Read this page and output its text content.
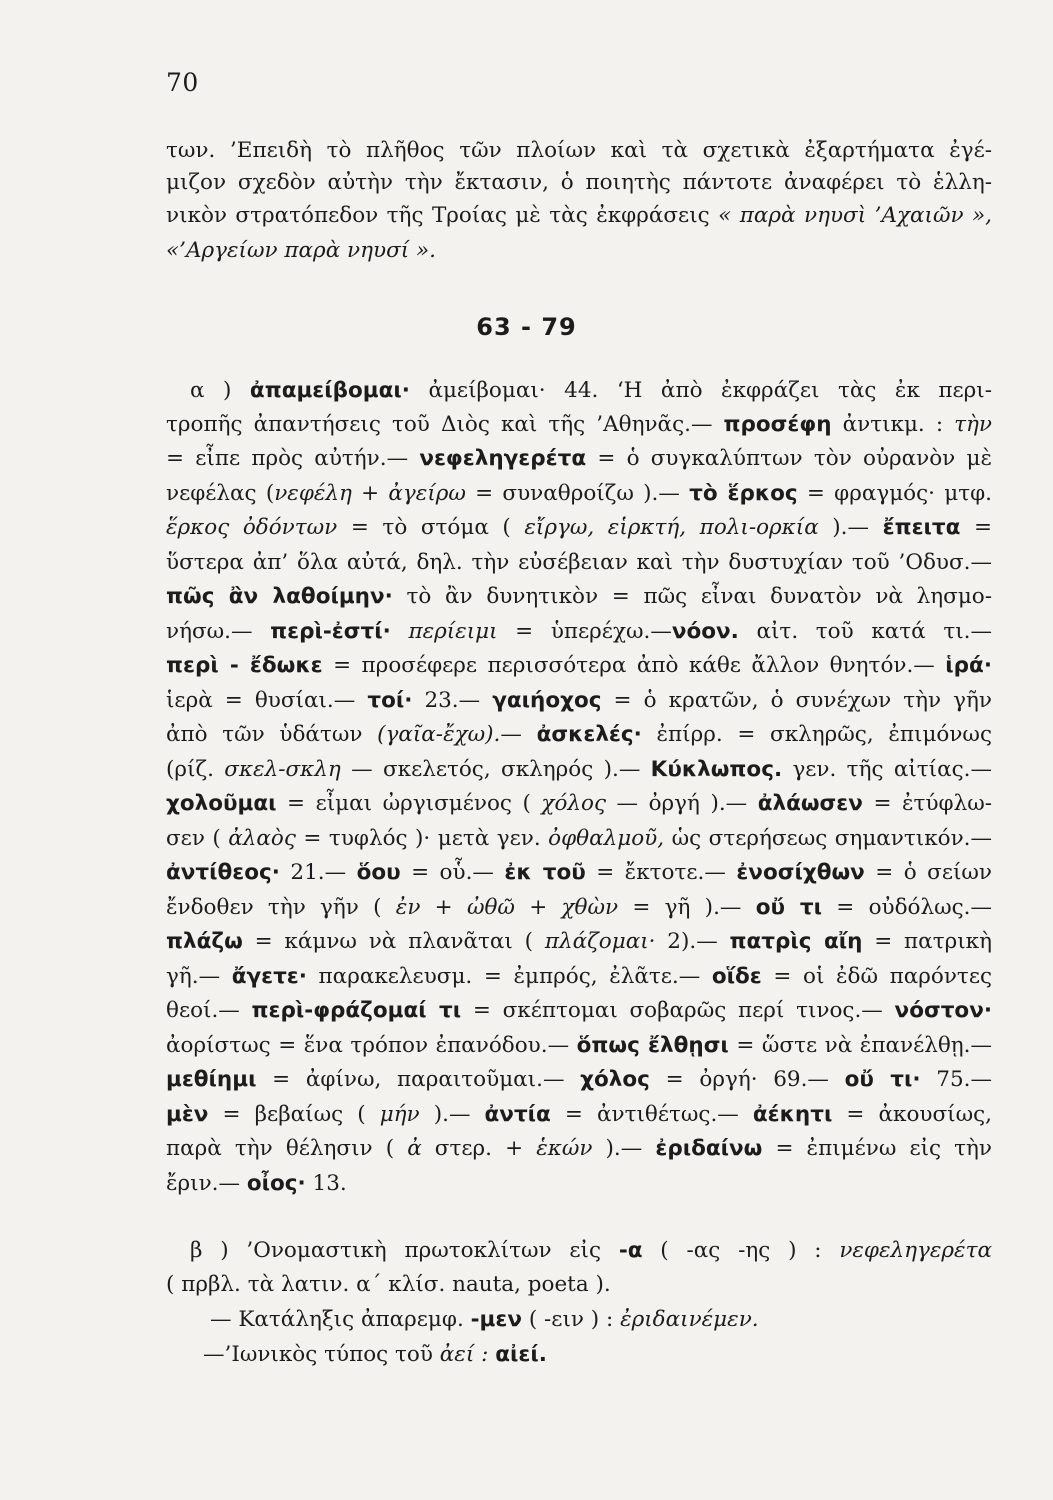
70
των. ’Επειδὴ τὸ πλῆθος τῶν πλοίων καὶ τὰ σχετικὰ ἐξαρτήματα ἐγέ-
μιζον σχεδὸν αὐτὴν τὴν ἔκτασιν, ὁ ποιητὴς πάντοτε ἀναφέρει τὸ ἑλλη-
νικὸν στρατόπεδον τῆς Τροίας μὲ τὰς ἐκφράσεις « παρὰ νηυσὶ ’Αχαιῶν »,
«’Αργείων παρὰ νηυσί ».
63 - 79
α ) ἀπαμείβομαι· ἀμείβομαι· 44. ‘Η ἀπὸ ἐκφράζει τὰς ἐκ περι-
τροπῆς ἀπαντήσεις τοῦ Διὸς καὶ τῆς ’Αθηνᾶς.— προσέφη ἀντικμ. : τὴν
= εἶπε πρὸς αὐτήν.— νεφεληγερέτα = ὁ συγκαλύπτων τὸν οὐρανὸν μὲ
νεφέλας (νεφέλη + ἀγείρω = συναθροίζω ).— τὸ ἕρκος = φραγμός· μτφ.
ἕρκος ὀδόντων = τὸ στόμα ( εἴργω, εἱρκτή, πολι-ορκία ).— ἔπειτα =
ὕστερα ἀπ’ ὅλα αὐτά, δηλ. τὴν εὐσέβειαν καὶ τὴν δυστυχίαν τοῦ ’Οδυσ.—
πῶς ἂν λαθοίμην· τὸ ἂν δυνητικὸν = πῶς εἶναι δυνατὸν νὰ λησμο-
νήσω.— περὶ-ἐστί· περίειμι = ὑπερέχω.—νόον. αἰτ. τοῦ κατά τι.—
περὶ - ἔδωκε = προσέφερε περισσότερα ἀπὸ κάθε ἄλλον θνητόν.— ἱρά·
ἱερὰ = θυσίαι.— τοί· 23.— γαιήοχος = ὁ κρατῶν, ὁ συνέχων τὴν γῆν
ἀπὸ τῶν ὑδάτων (γαῖα-ἔχω).— ἀσκελές· ἐπίρρ. = σκληρῶς, ἐπιμόνως
(ρίζ. σκελ-σκλη — σκελετός, σκληρός ).— Κύκλωπος. γεν. τῆς αἰτίας.—
χολοῦμαι = εἶμαι ὠργισμένος ( χόλος — ὀργή ).— ἀλάωσεν = ἐτύφλω-
σεν ( ἀλαὸς = τυφλός )· μετὰ γεν. ὀφθαλμοῦ, ὡς στερήσεως σημαντικόν.—
ἀντίθεος· 21.— ὅου = οὗ.— ἐκ τοῦ = ἔκτοτε.— ἐνοσίχθων = ὁ σείων
ἔνδοθεν τὴν γῆν ( ἐν + ὠθῶ + χθὼν = γῆ ).— οὔ τι = οὐδόλως.—
πλάζω = κάμνω νὰ πλανᾶται ( πλάζομαι· 2).— πατρὶς αἴη = πατρικὴ
γῆ.— ἄγετε· παρακελευσμ. = ἐμπρός, ἐλᾶτε.— οἵδε = οἱ ἐδῶ παρόντες
θεοί.— περὶ-φράζομαί τι = σκέπτομαι σοβαρῶς περί τινος.— νόστον·
ἀορίστως = ἕνα τρόπον ἐπανόδου.— ὅπως ἔλθῃσι = ὥστε νὰ ἐπανέλθῃ.—
μεθίημι = ἀφίνω, παραιτοῦμαι.— χόλος = ὀργή· 69.— οὔ τι· 75.—
μὲν = βεβαίως ( μήν ).— ἀντία = ἀντιθέτως.— ἀέκητι = ἀκουσίως,
παρὰ τὴν θέλησιν ( ἀ στερ. + ἑκών ).— ἐριδαίνω = ἐπιμένω εἰς τὴν
ἔριν.— οἶος· 13.
β ) ’Ονομαστικὴ πρωτοκλίτων εἰς -α ( -ας -ης ) : νεφεληγερέτα
( πρβλ. τὰ λατιν. α΄ κλίσ. nauta, poeta ).
— Κατάληξις ἀπαρεμφ. -μεν ( -ειν ) : ἐριδαινέμεν.
—’Ιωνικὸς τύπος τοῦ ἀεί : αἰεί.
